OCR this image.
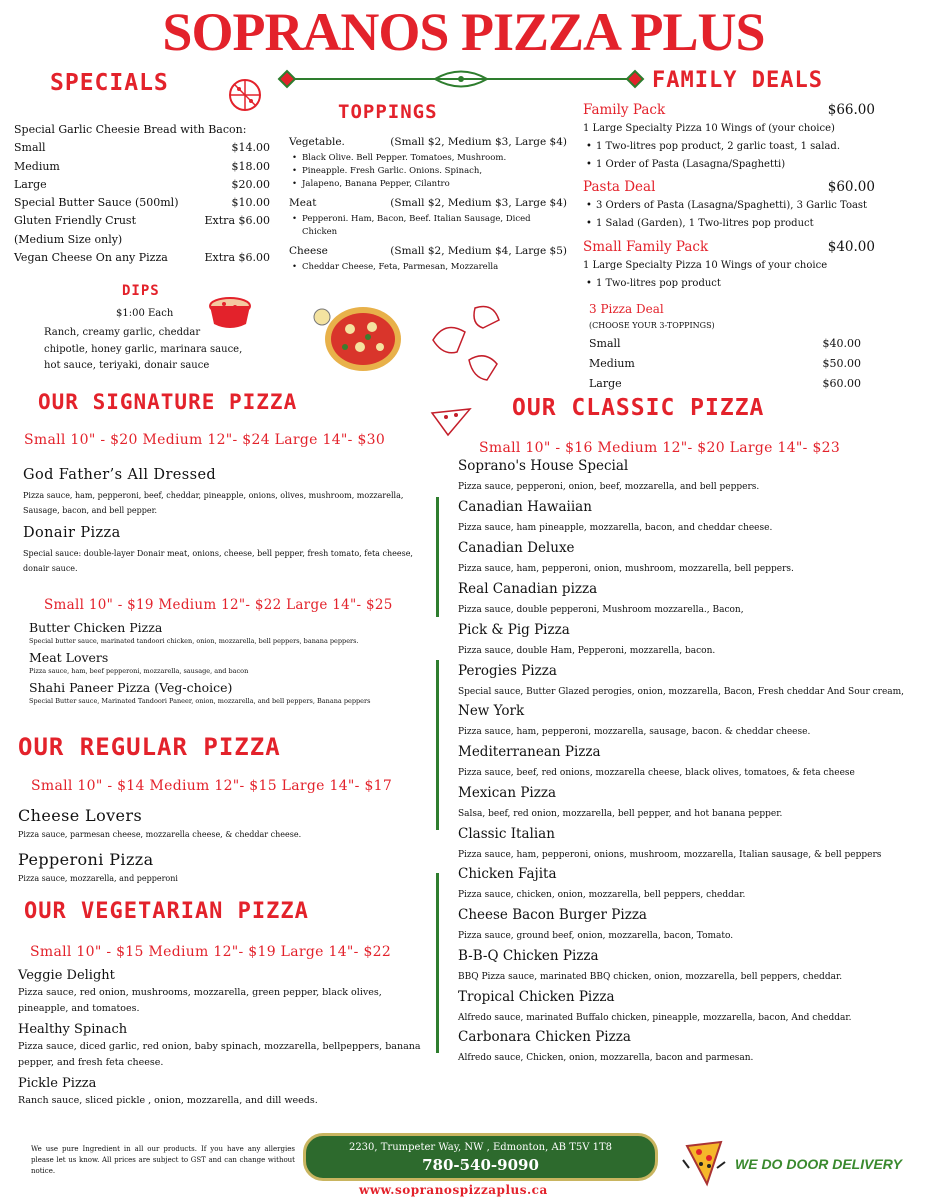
SOPRANOS PIZZA PLUS
SPECIALS
Special Garlic Cheesie Bread with Bacon:
Small	$14.00
Medium	$18.00
Large	$20.00
Special Butter Sauce (500ml)	$10.00
Gluten Friendly Crust	Extra $6.00
(Medium Size only)
Vegan Cheese On any Pizza	Extra $6.00
DIPS
$1:00 Each
Ranch, creamy garlic, cheddar
chipotle, honey garlic, marinara sauce,
hot sauce, teriyaki, donair sauce
TOPPINGS
Vegetable.	(Small $2, Medium $3, Large $4)
• Black Olive. Bell Pepper. Tomatoes, Mushroom.
• Pineapple. Fresh Garlic. Onions. Spinach,
• Jalapeno, Banana Pepper, Cilantro
Meat	(Small $2, Medium $3, Large $4)
• Pepperoni. Ham, Bacon, Beef. Italian Sausage, Diced Chicken
Cheese	(Small $2, Medium $4, Large $5)
• Cheddar Cheese, Feta, Parmesan, Mozzarella
FAMILY DEALS
Family Pack	$66.00
1 Large Specialty Pizza 10 Wings of (your choice)
• 1 Two-litres pop product, 2 garlic toast, 1 salad.
• 1 Order of Pasta (Lasagna/Spaghetti)
Pasta Deal	$60.00
• 3 Orders of Pasta (Lasagna/Spaghetti), 3 Garlic Toast
• 1 Salad (Garden), 1 Two-litres pop product
Small Family Pack	$40.00
1 Large Specialty Pizza 10 Wings of your choice
• 1 Two-litres pop product
3 Pizza Deal
(CHOOSE YOUR 3-TOPPINGS)
Small	$40.00
Medium	$50.00
Large	$60.00
OUR SIGNATURE PIZZA
Small 10" - $20 Medium 12"- $24 Large 14"- $30
God Father’s All Dressed
Pizza sauce, ham, pepperoni, beef, cheddar, pineapple, onions, olives, mushroom, mozzarella, Sausage, bacon, and bell pepper.
Donair Pizza
Special sauce: double-layer Donair meat, onions, cheese, bell pepper, fresh tomato, feta cheese, donair sauce.
Small 10" - $19 Medium 12"- $22 Large 14"- $25
Butter Chicken Pizza
Special butter sauce, marinated tandoori chicken, onion, mozzarella, bell peppers, banana peppers.
Meat Lovers
Pizza sauce, ham, beef pepperoni, mozzarella, sausage, and bacon
Shahi Paneer Pizza (Veg-choice)
Special Butter sauce, Marinated Tandoori Paneer, onion, mozzarella, and bell peppers, Banana peppers
OUR REGULAR PIZZA
Small 10" - $14 Medium 12"- $15 Large 14"- $17
Cheese Lovers
Pizza sauce, parmesan cheese, mozzarella cheese, & cheddar cheese.
Pepperoni Pizza
Pizza sauce, mozzarella, and pepperoni
OUR VEGETARIAN PIZZA
Small 10" - $15 Medium 12"- $19 Large 14"- $22
Veggie Delight
Pizza sauce, red onion, mushrooms, mozzarella, green pepper, black olives, pineapple, and tomatoes.
Healthy Spinach
Pizza sauce, diced garlic, red onion, baby spinach, mozzarella, bellpeppers, banana pepper, and fresh feta cheese.
Pickle Pizza
Ranch sauce, sliced pickle , onion, mozzarella, and dill weeds.
OUR CLASSIC PIZZA
Small 10" - $16 Medium 12"- $20 Large 14"- $23
Soprano's House Special
Pizza sauce, pepperoni, onion, beef, mozzarella, and bell peppers.
Canadian Hawaiian
Pizza sauce, ham pineapple, mozzarella, bacon, and cheddar cheese.
Canadian Deluxe
Pizza sauce, ham, pepperoni, onion, mushroom, mozzarella, bell peppers.
Real Canadian pizza
Pizza sauce, double pepperoni, Mushroom mozzarella., Bacon,
Pick & Pig Pizza
Pizza sauce, double Ham, Pepperoni, mozzarella, bacon.
Perogies Pizza
Special sauce, Butter Glazed perogies, onion, mozzarella, Bacon, Fresh cheddar And Sour cream,
New York
Pizza sauce, ham, pepperoni, mozzarella, sausage, bacon. & cheddar cheese.
Mediterranean Pizza
Pizza sauce, beef, red onions, mozzarella cheese, black olives, tomatoes, & feta cheese
Mexican Pizza
Salsa, beef, red onion, mozzarella, bell pepper, and hot banana pepper.
Classic Italian
Pizza sauce, ham, pepperoni, onions, mushroom, mozzarella, Italian sausage, & bell peppers
Chicken Fajita
Pizza sauce, chicken, onion, mozzarella, bell peppers, cheddar.
Cheese Bacon Burger Pizza
Pizza sauce, ground beef, onion, mozzarella, bacon, Tomato.
B-B-Q Chicken Pizza
BBQ Pizza sauce, marinated BBQ chicken, onion, mozzarella, bell peppers, cheddar.
Tropical Chicken Pizza
Alfredo sauce, marinated Buffalo chicken, pineapple, mozzarella, bacon, And cheddar.
Carbonara Chicken Pizza
Alfredo sauce, Chicken, onion, mozzarella, bacon and parmesan.
We use pure Ingredient in all our products. If you have any allergies please let us know. All prices are subject to GST and can change without notice.
2230, Trumpeter Way, NW , Edmonton, AB T5V 1T8
780-540-9090
www.sopranospizzaplus.ca
WE DO DOOR DELIVERY
